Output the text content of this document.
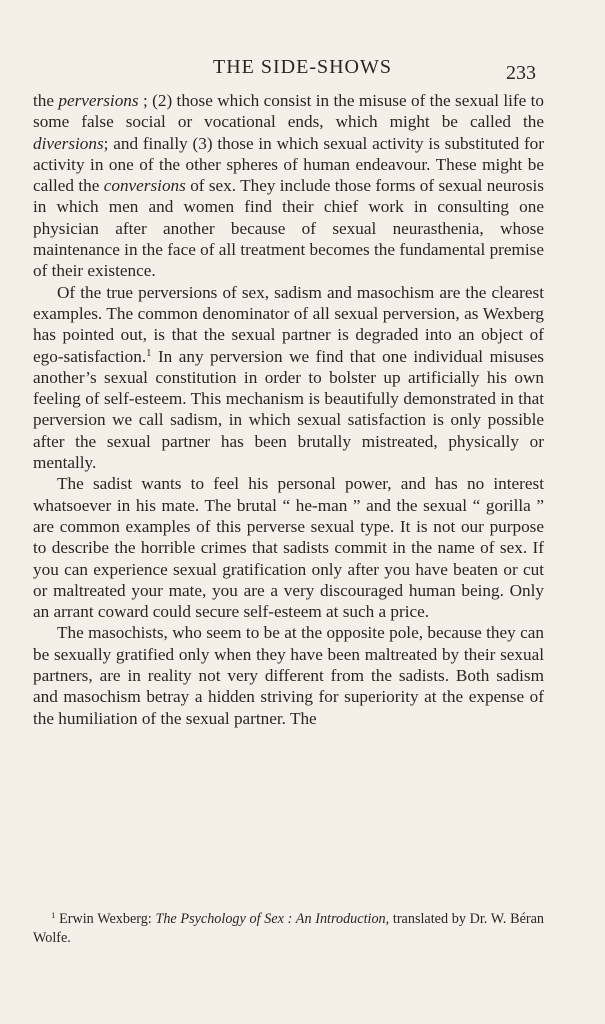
THE SIDE-SHOWS	233

the perversions ; (2) those which consist in the misuse of the sexual life to some false social or vocational ends, which might be called the diversions; and finally (3) those in which sexual activity is substituted for activity in one of the other spheres of human endeavour. These might be called the conversions of sex. They include those forms of sexual neurosis in which men and women find their chief work in consulting one physician after another because of sexual neurasthenia, whose maintenance in the face of all treatment becomes the fundamental premise of their existence.

Of the true perversions of sex, sadism and masochism are the clearest examples. The common denominator of all sexual perversion, as Wexberg has pointed out, is that the sexual partner is degraded into an object of ego-satisfaction.$^1$ In any perversion we find that one individual misuses another’s sexual constitution in order to bolster up artificially his own feeling of self-esteem. This mechanism is beautifully demonstrated in that perversion we call sadism, in which sexual satisfaction is only possible after the sexual partner has been brutally mistreated, physically or mentally.

The sadist wants to feel his personal power, and has no interest whatsoever in his mate. The brutal “ he-man ” and the sexual “ gorilla ” are common examples of this perverse sexual type. It is not our purpose to describe the horrible crimes that sadists commit in the name of sex. If you can experience sexual gratification only after you have beaten or cut or maltreated your mate, you are a very discouraged human being. Only an arrant coward could secure self-esteem at such a price.

The masochists, who seem to be at the opposite pole, because they can be sexually gratified only when they have been maltreated by their sexual partners, are in reality not very different from the sadists. Both sadism and masochism betray a hidden striving for superiority at the expense of the humiliation of the sexual partner. The

$^1$ Erwin Wexberg: The Psychology of Sex : An Introduction, translated by Dr. W. Béran Wolfe.
